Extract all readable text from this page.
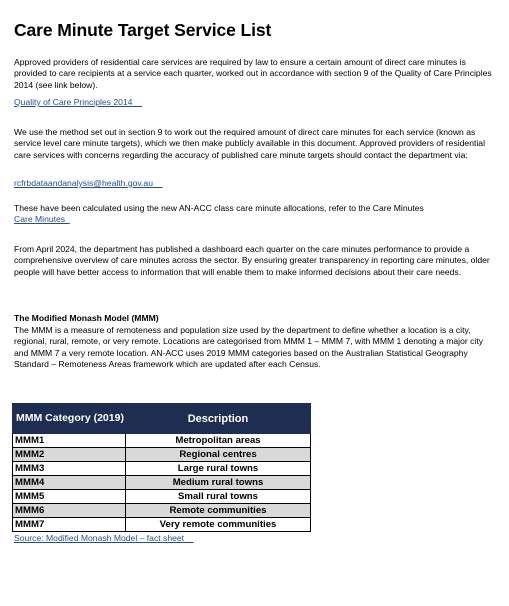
Care Minute Target Service List
Approved providers of residential care services are required by law to ensure a certain amount of direct care minutes is provided to care recipients at a service each quarter, worked out in accordance with section 9 of the Quality of Care Principles 2014 (see link below).
Quality of Care Principles 2014
We use the method set out in section 9 to work out the required amount of direct care minutes for each service (known as service level care minute targets), which we then make publicly available in this document. Approved providers of residential care services with concerns regarding the accuracy of published care minute targets should contact the department via:
rcfrbdataandanalysis@health.gov.au
These have been calculated using the new AN-ACC class care minute allocations, refer to the Care Minutes
Care Minutes
From April 2024, the department has published a dashboard each quarter on the care minutes performance to provide a comprehensive overview of care minutes across the sector. By ensuring greater transparency in reporting care minutes, older people will have better access to information that will enable them to make informed decisions about their care needs.
The Modified Monash Model (MMM)
The MMM is a measure of remoteness and population size used by the department to define whether a location is a city, regional, rural, remote, or very remote. Locations are categorised from MMM 1 – MMM 7, with MMM 1 denoting a major city and MMM 7 a very remote location. AN-ACC uses 2019 MMM categories based on the Australian Statistical Geography Standard – Remoteness Areas framework which are updated after each Census.
MMM Category (2019)	Description
MMM1	Metropolitan areas
MMM2	Regional centres
MMM3	Large rural towns
MMM4	Medium rural towns
MMM5	Small rural towns
MMM6	Remote communities
MMM7	Very remote communities
Source: Modified Monash Model – fact sheet
